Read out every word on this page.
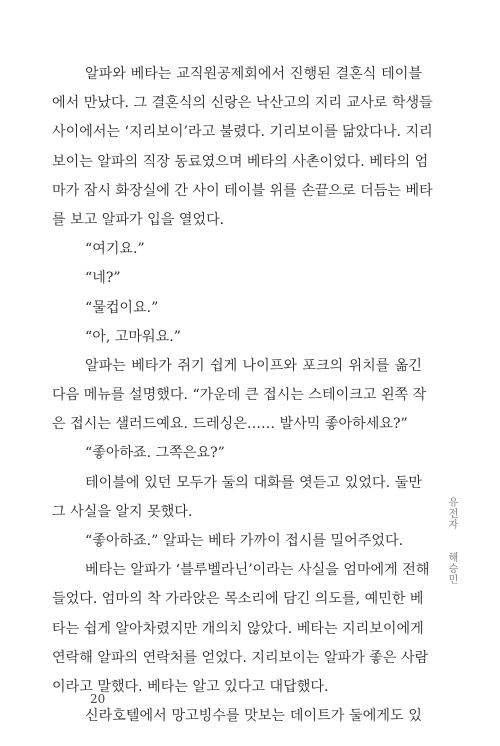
알파와 베타는 교직원공제회에서 진행된 결혼식 테이블
에서 만났다. 그 결혼식의 신랑은 낙산고의 지리 교사로 학생들
사이에서는 ‘지리보이’라고 불렸다. 기리보이를 닮았다나. 지리
보이는 알파의 직장 동료였으며 베타의 사촌이었다. 베타의 엄
마가 잠시 화장실에 간 사이 테이블 위를 손끝으로 더듬는 베타
를 보고 알파가 입을 열었다.
“여기요.”
“네?”
“물컵이요.”
“아, 고마워요.”
알파는 베타가 쥐기 쉽게 나이프와 포크의 위치를 옮긴
다음 메뉴를 설명했다. “가운데 큰 접시는 스테이크고 왼쪽 작
은 접시는 샐러드예요. 드레싱은…… 발사믹 좋아하세요?”
“좋아하죠. 그쪽은요?”
테이블에 있던 모두가 둘의 대화를 엿듣고 있었다. 둘만
그 사실을 알지 못했다.
“좋아하죠.” 알파는 베타 가까이 접시를 밀어주었다.
베타는 알파가 ‘블루벨라닌’이라는 사실을 엄마에게 전해
들었다. 엄마의 착 가라앉은 목소리에 담긴 의도를, 예민한 베
타는 쉽게 알아차렸지만 개의치 않았다. 베타는 지리보이에게
연락해 알파의 연락처를 얻었다. 지리보이는 알파가 좋은 사람
이라고 말했다. 베타는 알고 있다고 대답했다.
신라호텔에서 망고빙수를 맛보는 데이트가 둘에게도 있
20
유전자 해승민
